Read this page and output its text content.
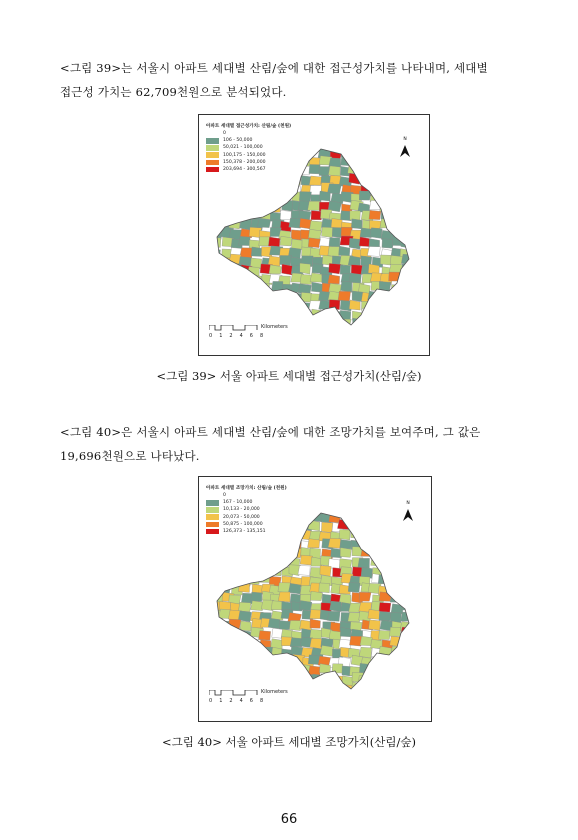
<그림 39>는 서울시 아파트 세대별 산림/숲에 대한 접근성가치를 나타내며, 세대별
접근성 가치는 62,709천원으로 분석되었다.
아파트 세대별 접근성가치: 산림/숲 (천원)
0
106 - 50,000
50,021 - 100,000
100,175 - 150,000
150,378 - 200,000
203,694 - 300,567
N
Kilometers
0 1 2 4 6 8
<그림 39> 서울 아파트 세대별 접근성가치(산림/숲)
<그림 40>은 서울시 아파트 세대별 산림/숲에 대한 조망가치를 보여주며, 그 값은
19,696천원으로 나타났다.
아파트 세대별 조망가치: 산림/숲 (천원)
0
167 - 10,000
10,133 - 20,000
20,073 - 50,000
50,875 - 100,000
126,373 - 135,151
N
Kilometers
0 1 2 4 6 8
<그림 40> 서울 아파트 세대별 조망가치(산림/숲)
66
